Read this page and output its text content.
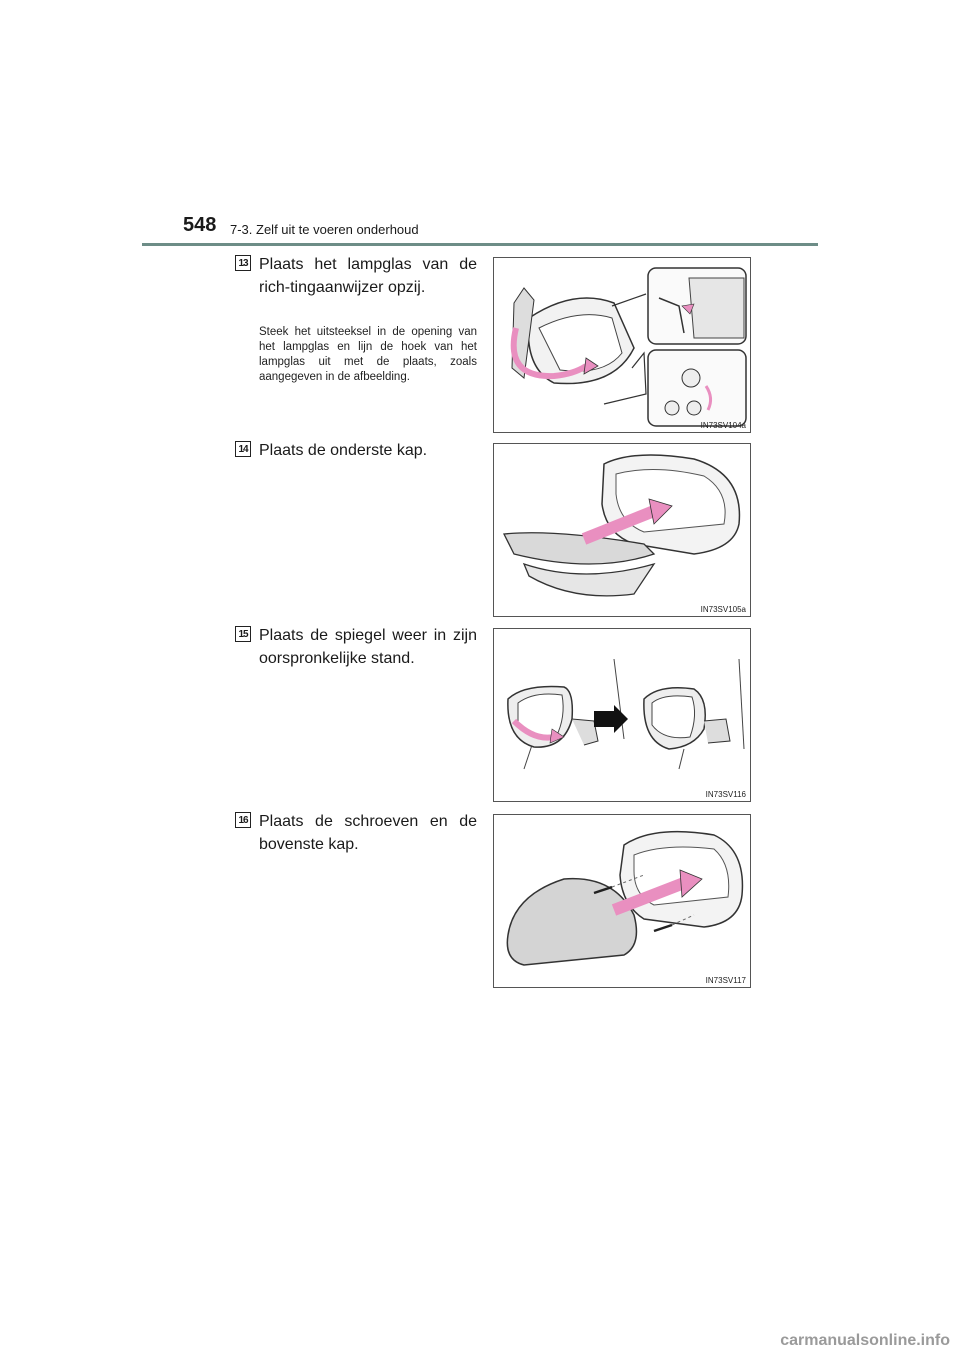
548 7-3. Zelf uit te voeren onderhoud
13 Plaats het lampglas van de rich-tingaanwijzer opzij.
Steek het uitsteeksel in de opening van het lampglas en lijn de hoek van het lampglas uit met de plaats, zoals aangegeven in de afbeelding.
IN73SV104a
14 Plaats de onderste kap.
IN73SV105a
15 Plaats de spiegel weer in zijn oorspronkelijke stand.
IN73SV116
16 Plaats de schroeven en de bovenste kap.
IN73SV117
carmanualsonline.info
